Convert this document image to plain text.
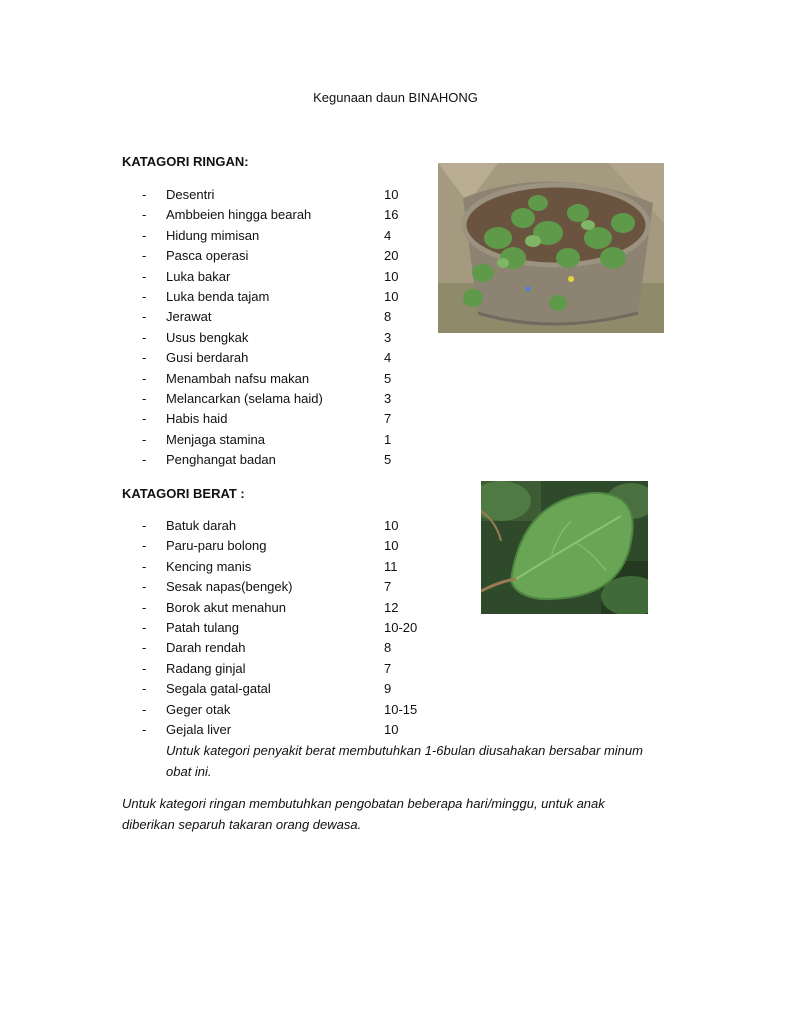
Kegunaan daun BINAHONG
KATAGORI RINGAN:
- Desentri	10
- Ambbeien hingga bearah	16
- Hidung mimisan	4
- Pasca operasi	20
- Luka bakar	10
- Luka benda tajam	10
- Jerawat	8
- Usus bengkak	3
- Gusi berdarah	4
- Menambah nafsu makan	5
- Melancarkan (selama haid)	3
- Habis haid	7
- Menjaga stamina	1
- Penghangat badan	5
KATAGORI BERAT :
- Batuk darah	10
- Paru-paru bolong	10
- Kencing manis	11
- Sesak napas(bengek)	7
- Borok akut menahun	12
- Patah tulang	10-20
- Darah rendah	8
- Radang ginjal	7
- Segala gatal-gatal	9
- Geger otak	10-15
- Gejala liver	10
Untuk kategori penyakit berat membutuhkan 1-6bulan diusahakan bersabar minum
obat ini.
Untuk kategori ringan membutuhkan pengobatan beberapa hari/minggu, untuk anak
diberikan separuh takaran orang dewasa.
